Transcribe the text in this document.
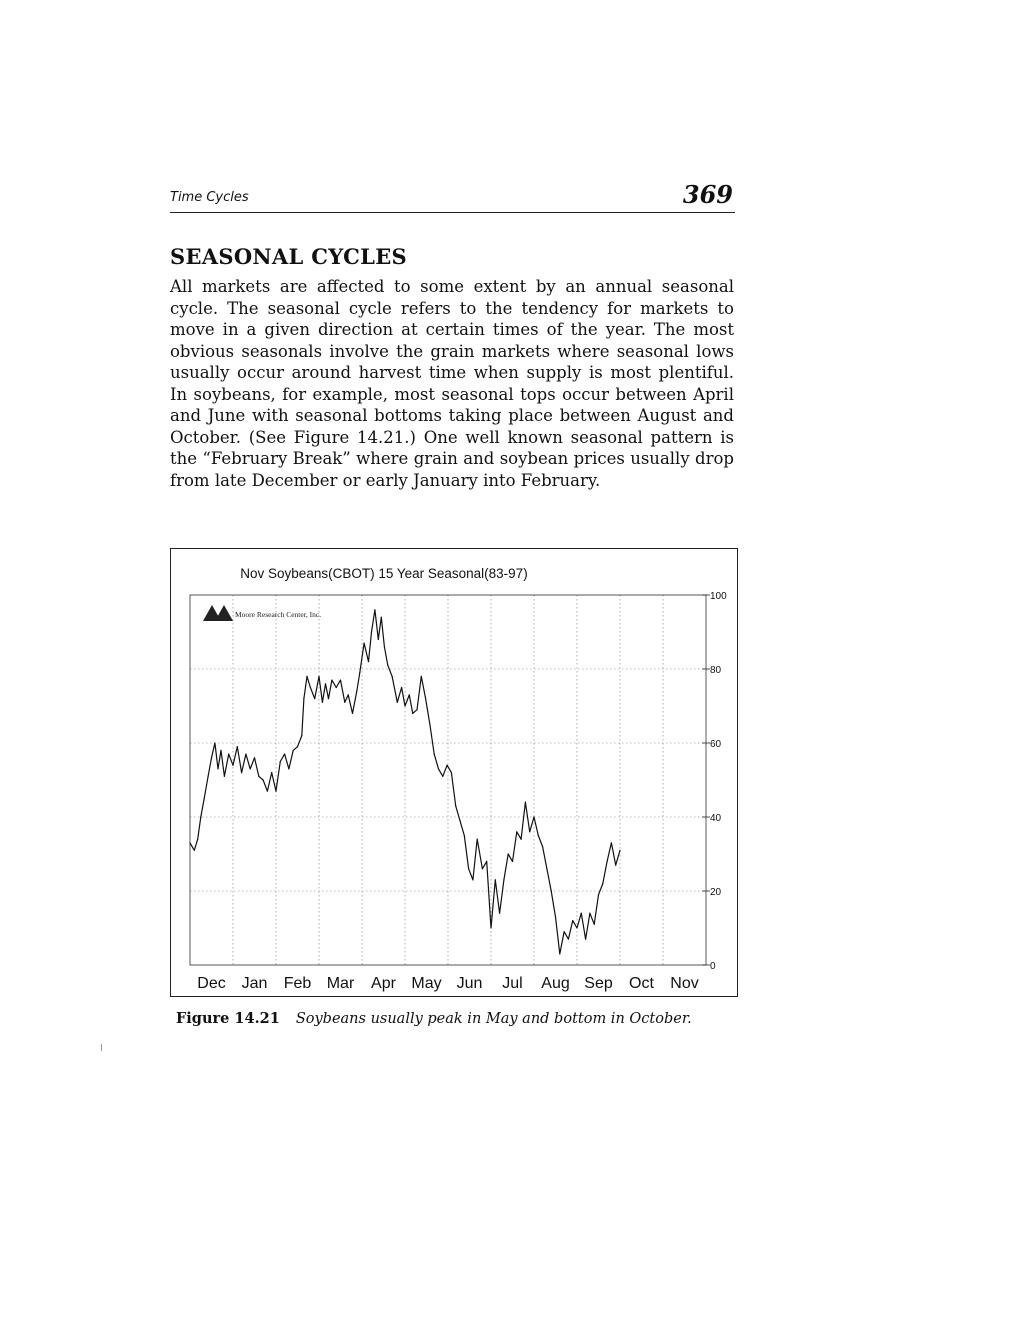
Time Cycles	369
SEASONAL CYCLES
All markets are affected to some extent by an annual seasonal cycle. The seasonal cycle refers to the tendency for markets to move in a given direction at certain times of the year. The most obvious seasonals involve the grain markets where seasonal lows usually occur around harvest time when supply is most plentiful. In soybeans, for example, most seasonal tops occur between April and June with seasonal bottoms taking place between August and October. (See Figure 14.21.) One well known seasonal pattern is the “February Break” where grain and soybean prices usually drop from late December or early January into February.
Nov Soybeans(CBOT) 15 Year Seasonal(83-97)
Moore Research Center, Inc.
100
80
60
40
20
0
Dec Jan Feb Mar Apr May Jun Jul Aug Sep Oct Nov
Figure 14.21 Soybeans usually peak in May and bottom in October.
